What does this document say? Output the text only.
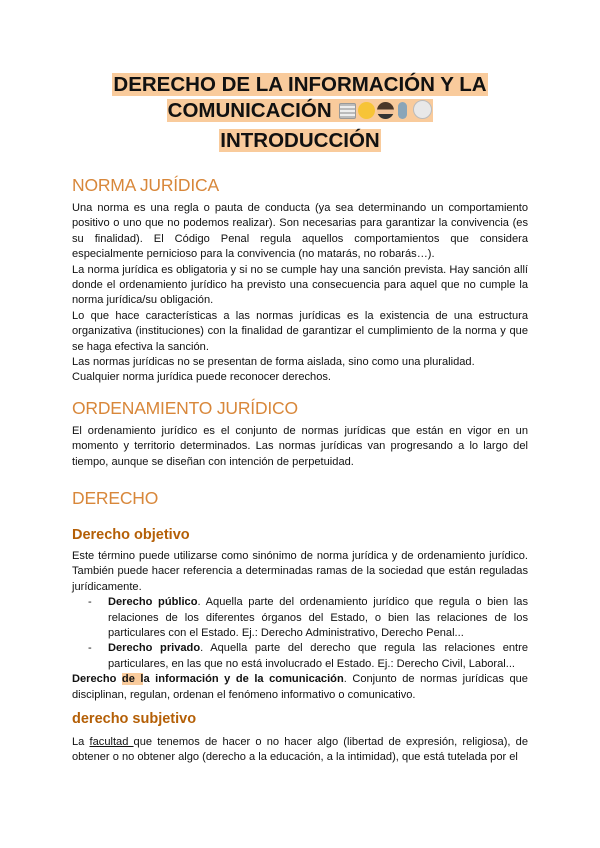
DERECHO DE LA INFORMACIÓN Y LA
COMUNICACIÓN
INTRODUCCIÓN
NORMA JURÍDICA

Una norma es una regla o pauta de conducta (ya sea determinando un comportamiento positivo o uno que no podemos realizar). Son necesarias para garantizar la convivencia (es su finalidad). El Código Penal regula aquellos comportamientos que considera especialmente pernicioso para la convivencia (no matarás, no robarás…).

La norma jurídica es obligatoria y si no se cumple hay una sanción prevista. Hay sanción allí donde el ordenamiento jurídico ha previsto una consecuencia para aquel que no cumple la norma jurídica/su obligación.

Lo que hace características a las normas jurídicas es la existencia de una estructura organizativa (instituciones) con la finalidad de garantizar el cumplimiento de la norma y que se haga efectiva la sanción.

Las normas jurídicas no se presentan de forma aislada, sino como una pluralidad.

Cualquier norma jurídica puede reconocer derechos.

ORDENAMIENTO JURÍDICO

El ordenamiento jurídico es el conjunto de normas jurídicas que están en vigor en un momento y territorio determinados. Las normas jurídicas van progresando a lo largo del tiempo, aunque se diseñan con intención de perpetuidad.

DERECHO
Derecho objetivo

Este término puede utilizarse como sinónimo de norma jurídica y de ordenamiento jurídico. También puede hacer referencia a determinadas ramas de la sociedad que están reguladas jurídicamente.

- Derecho público. Aquella parte del ordenamiento jurídico que regula o bien las relaciones de los diferentes órganos del Estado, o bien las relaciones de los particulares con el Estado. Ej.: Derecho Administrativo, Derecho Penal...
- Derecho privado. Aquella parte del derecho que regula las relaciones entre particulares, en las que no está involucrado el Estado. Ej.: Derecho Civil, Laboral...

Derecho de la información y de la comunicación. Conjunto de normas jurídicas que disciplinan, regulan, ordenan el fenómeno informativo o comunicativo.

derecho subjetivo

La facultad que tenemos de hacer o no hacer algo (libertad de expresión, religiosa), de obtener o no obtener algo (derecho a la educación, a la intimidad), que está tutelada por el
